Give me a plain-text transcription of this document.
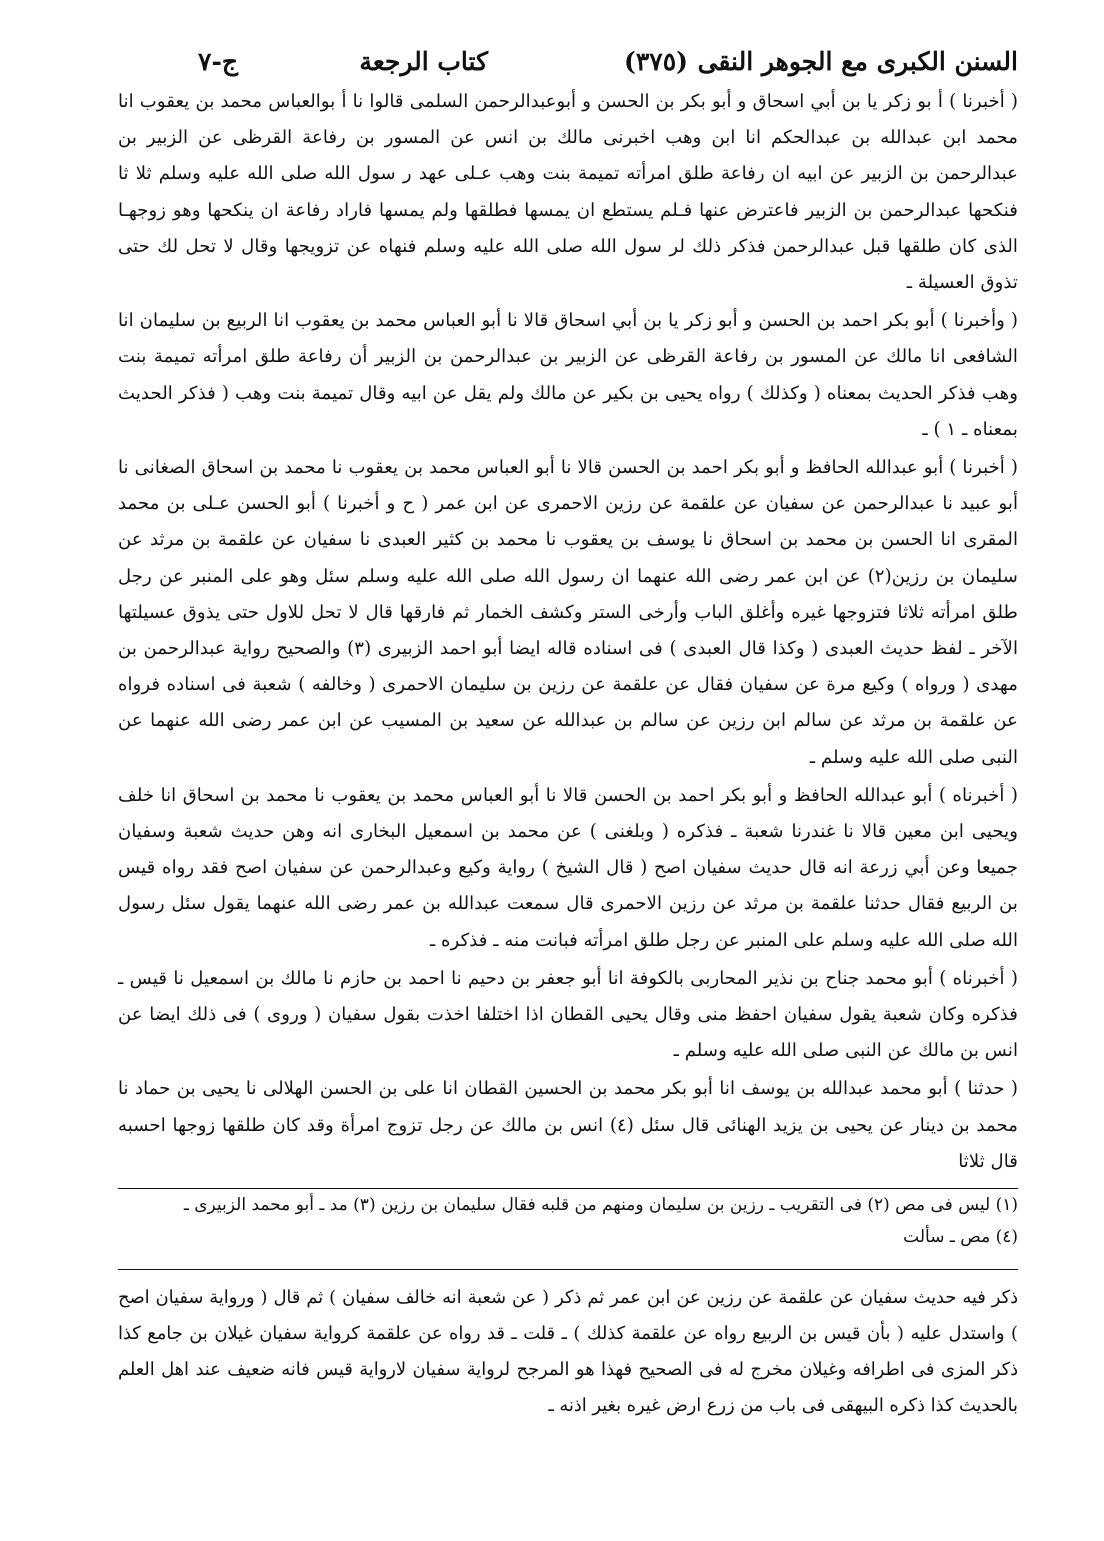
السنن الكبرى مع الجوهر النقى
(٣٧٥)
كتاب الرجعة
ج-٧

( أخبرنا ) أ بو زكر يا بن أبي اسحاق و أبو بكر بن الحسن و أبوعبدالرحمن السلمى قالوا نا أ بوالعباس محمد بن يعقوب انا محمد ابن عبدالله بن عبدالحكم انا ابن وهب اخبرنى مالك بن انس عن المسور بن رفاعة القرظى عن الزبير بن عبدالرحمن بن الزبير عن ابيه ان رفاعة طلق امرأته تميمة بنت وهب عـلى عهد ر سول الله صلى الله عليه وسلم ثلا ثا فنكحها عبدالرحمن بن الزبير فاعترض عنها فـلم يستطع ان يمسها فطلقها ولم يمسها فاراد رفاعة ان ينكحها وهو زوجهـا الذى كان طلقها قبل عبدالرحمن فذكر ذلك لر سول الله صلى الله عليه وسلم فنهاه عن تزويجها وقال لا تحل لك حتى تذوق العسيلة ـ

( وأخبرنا ) أبو بكر احمد بن الحسن و أبو زكر يا بن أبي اسحاق قالا نا أبو العباس محمد بن يعقوب انا الربيع بن سليمان انا الشافعى انا مالك عن المسور بن رفاعة القرظى عن الزبير بن عبدالرحمن بن الزبير أن رفاعة طلق امرأته تميمة بنت وهب فذكر الحديث بمعناه ( وكذلك ) رواه يحيى بن بكير عن مالك ولم يقل عن ابيه وقال تميمة بنت وهب ( فذكر الحديث بمعناه ـ ١ ) ـ

( أخبرنا ) أبو عبدالله الحافظ و أبو بكر احمد بن الحسن قالا نا أبو العباس محمد بن يعقوب نا محمد بن اسحاق الصغانى نا أبو عبيد نا عبدالرحمن عن سفيان عن علقمة عن رزين الاحمرى عن ابن عمر ( ح و أخبرنا ) أبو الحسن عـلى بن محمد المقرى انا الحسن بن محمد بن اسحاق نا يوسف بن يعقوب نا محمد بن كثير العبدى نا سفيان عن علقمة بن مرثد عن سليمان بن رزين(٢) عن ابن عمر رضى الله عنهما ان رسول الله صلى الله عليه وسلم سئل وهو على المنبر عن رجل طلق امرأته ثلاثا فتزوجها غيره وأغلق الباب وأرخى الستر وكشف الخمار ثم فارقها قال لا تحل للاول حتى يذوق عسيلتها الآخر ـ لفظ حديث العبدى ( وكذا قال العبدى ) فى اسناده قاله ايضا أبو احمد الزبيرى (٣) والصحيح رواية عبدالرحمن بن مهدى ( ورواه ) وكيع مرة عن سفيان فقال عن علقمة عن رزين بن سليمان الاحمرى ( وخالفه ) شعبة فى اسناده فرواه عن علقمة بن مرثد عن سالم ابن رزين عن سالم بن عبدالله عن سعيد بن المسيب عن ابن عمر رضى الله عنهما عن النبى صلى الله عليه وسلم ـ

( أخبرناه ) أبو عبدالله الحافظ و أبو بكر احمد بن الحسن قالا نا أبو العباس محمد بن يعقوب نا محمد بن اسحاق انا خلف ويحيى ابن معين قالا نا غندرنا شعبة ـ فذكره ( وبلغنى ) عن محمد بن اسمعيل البخارى انه وهن حديث شعبة وسفيان جميعا وعن أبي زرعة انه قال حديث سفيان اصح ( قال الشيخ ) رواية وكيع وعبدالرحمن عن سفيان اصح فقد رواه قيس بن الربيع فقال حدثنا علقمة بن مرثد عن رزين الاحمرى قال سمعت عبدالله بن عمر رضى الله عنهما يقول سئل رسول الله صلى الله عليه وسلم على المنبر عن رجل طلق امرأته فبانت منه ـ فذكره ـ

( أخبرناه ) أبو محمد جناح بن نذير المحاربى بالكوفة انا أبو جعفر بن دحيم نا احمد بن حازم نا مالك بن اسمعيل نا قيس ـ فذكره وكان شعبة يقول سفيان احفظ منى وقال يحيى القطان اذا اختلفا اخذت بقول سفيان ( وروى ) فى ذلك ايضا عن انس بن مالك عن النبى صلى الله عليه وسلم ـ

( حدثنا ) أبو محمد عبدالله بن يوسف انا أبو بكر محمد بن الحسين القطان انا على بن الحسن الهلالى نا يحيى بن حماد نا محمد بن دينار عن يحيى بن يزيد الهنائى قال سئل (٤) انس بن مالك عن رجل تزوج امرأة وقد كان طلقها زوجها احسبه قال ثلاثا

(١) ليس فى مص (٢) فى التقريب ـ رزين بن سليمان ومنهم من قلبه فقال سليمان بن رزين (٣) مد ـ أبو محمد الزبيرى ـ

(٤) مص ـ سألت

ذكر فيه حديث سفيان عن علقمة عن رزين عن ابن عمر ثم ذكر ( عن شعبة انه خالف سفيان ) ثم قال ( ورواية سفيان اصح ) واستدل عليه ( بأن قيس بن الربيع رواه عن علقمة كذلك ) ـ قلت ـ قد رواه عن علقمة كرواية سفيان غيلان بن جامع كذا ذكر المزى فى اطرافه وغيلان مخرج له فى الصحيح فهذا هو المرجح لرواية سفيان لارواية قيس فانه ضعيف عند اهل العلم بالحديث كذا ذكره البيهقى فى باب من زرع ارض غيره بغير اذنه ـ
